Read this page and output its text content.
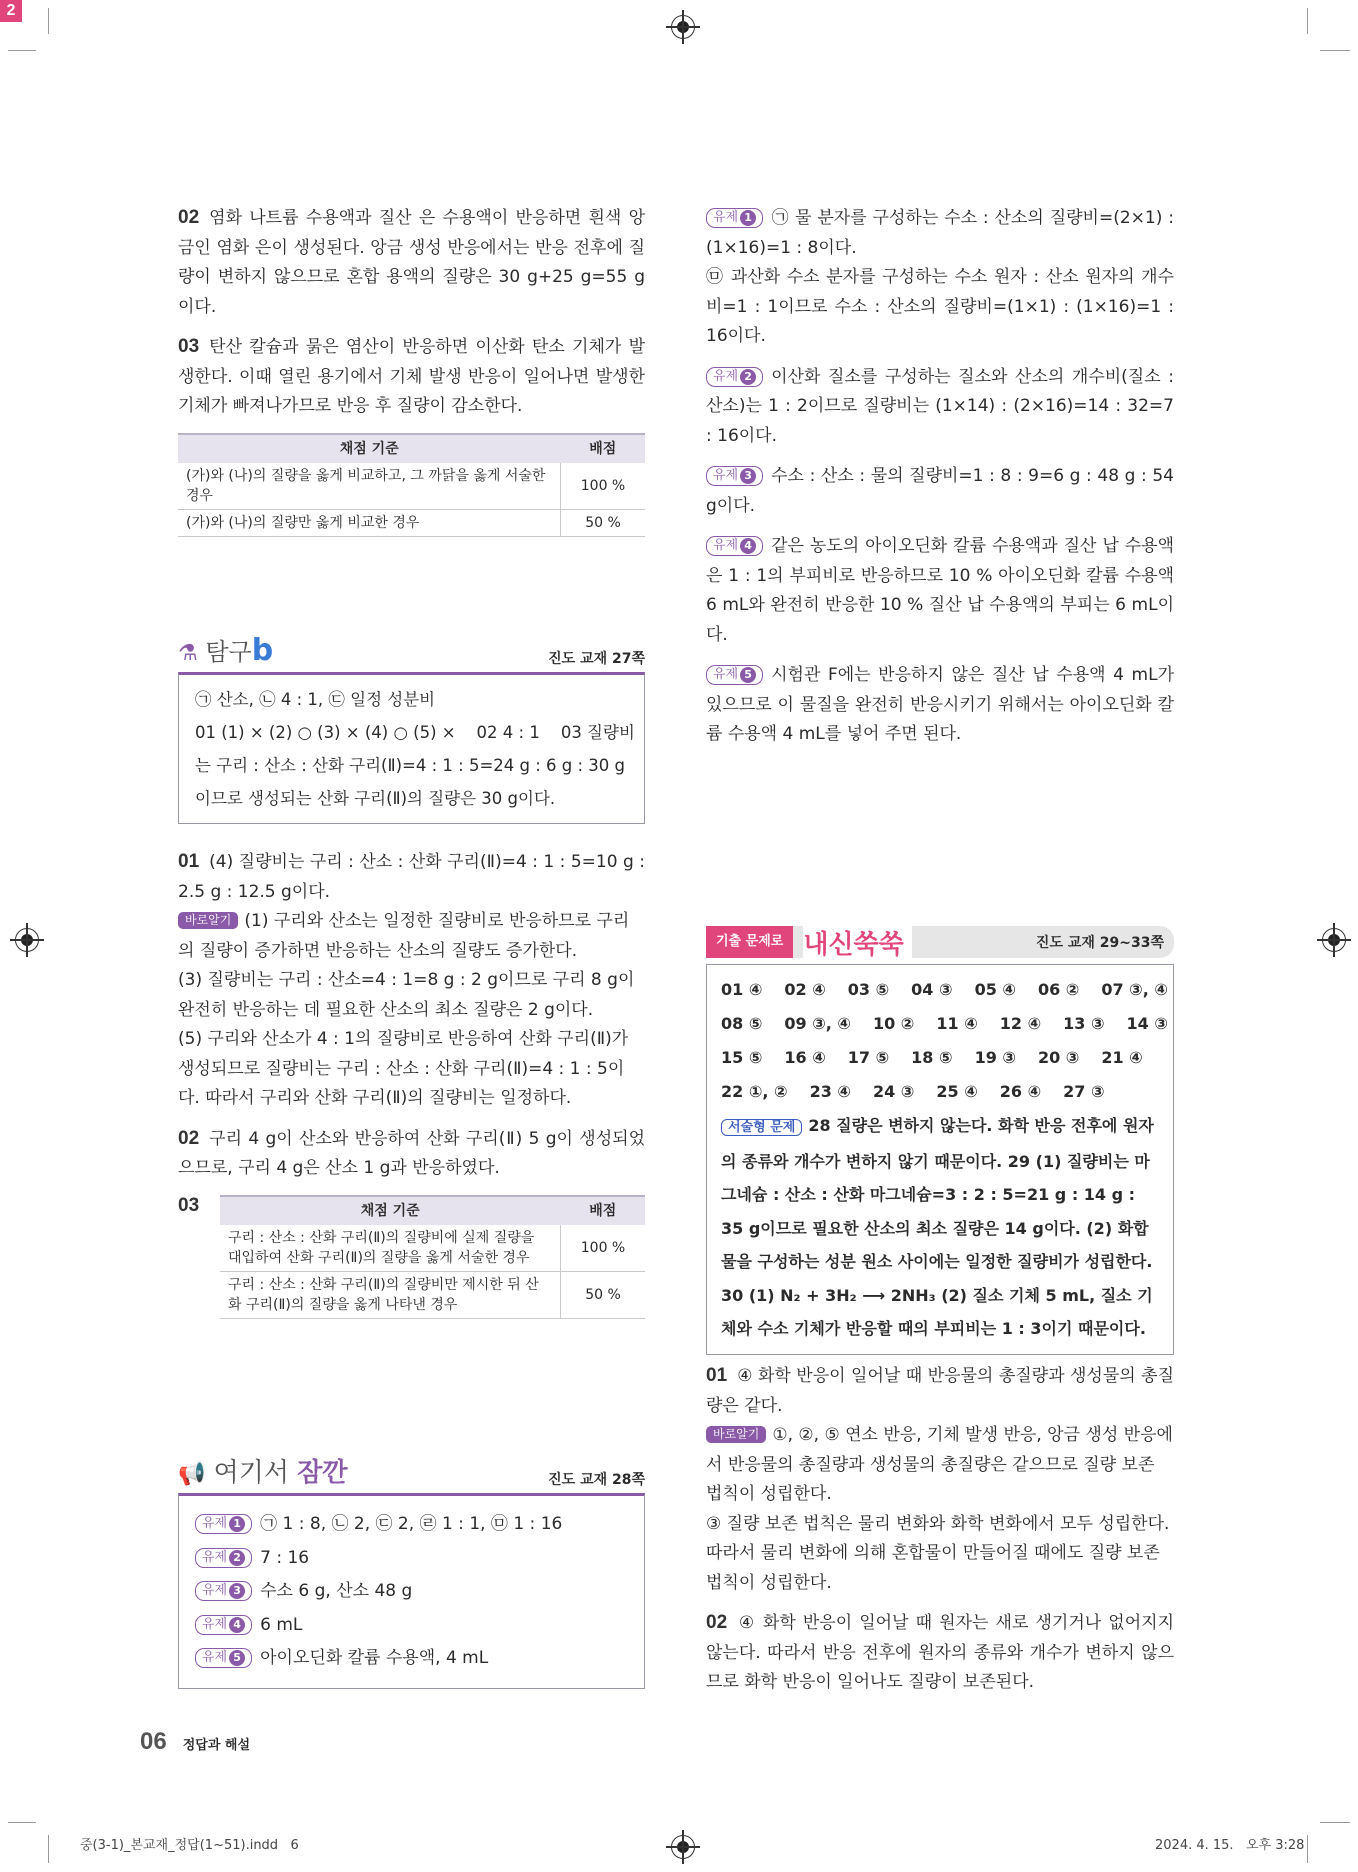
2

02 염화 나트륨 수용액과 질산 은 수용액이 반응하면 흰색 앙금인 염화 은이 생성된다. 앙금 생성 반응에서는 반응 전후에 질량이 변하지 않으므로 혼합 용액의 질량은 30 g+25 g=55 g이다.

03 탄산 칼슘과 묽은 염산이 반응하면 이산화 탄소 기체가 발생한다. 이때 열린 용기에서 기체 발생 반응이 일어나면 발생한 기체가 빠져나가므로 반응 후 질량이 감소한다.

채점 기준	배점
(가)와 (나)의 질량을 옳게 비교하고, 그 까닭을 옳게 서술한 경우	100 %
(가)와 (나)의 질량만 옳게 비교한 경우	50 %
⚗ 탐구b	진도 교재 27쪽
㉠ 산소, ㉡ 4 : 1, ㉢ 일정 성분비
01 (1) × (2) ○ (3) × (4) ○ (5) ×    02 4 : 1    03 질량비
는 구리 : 산소 : 산화 구리(Ⅱ)=4 : 1 : 5=24 g : 6 g : 30 g
이므로 생성되는 산화 구리(Ⅱ)의 질량은 30 g이다.

01 (4) 질량비는 구리 : 산소 : 산화 구리(Ⅱ)=4 : 1 : 5=10 g : 2.5 g : 12.5 g이다.

바로알기 (1) 구리와 산소는 일정한 질량비로 반응하므로 구리의 질량이 증가하면 반응하는 산소의 질량도 증가한다.
(3) 질량비는 구리 : 산소=4 : 1=8 g : 2 g이므로 구리 8 g이 완전히 반응하는 데 필요한 산소의 최소 질량은 2 g이다.
(5) 구리와 산소가 4 : 1의 질량비로 반응하여 산화 구리(Ⅱ)가 생성되므로 질량비는 구리 : 산소 : 산화 구리(Ⅱ)=4 : 1 : 5이다. 따라서 구리와 산화 구리(Ⅱ)의 질량비는 일정하다.

02 구리 4 g이 산소와 반응하여 산화 구리(Ⅱ) 5 g이 생성되었으므로, 구리 4 g은 산소 1 g과 반응하였다.

03	채점 기준	배점
구리 : 산소 : 산화 구리(Ⅱ)의 질량비에 실제 질량을 대입하여 산화 구리(Ⅱ)의 질량을 옳게 서술한 경우	100 %
구리 : 산소 : 산화 구리(Ⅱ)의 질량비만 제시한 뒤 산화 구리(Ⅱ)의 질량을 옳게 나타낸 경우	50 %
📢 여기서 잠깐	진도 교재 28쪽
유제 1 ㉠ 1 : 8, ㉡ 2, ㉢ 2, ㉣ 1 : 1, ㉤ 1 : 16
유제 2 7 : 16
유제 3 수소 6 g, 산소 48 g
유제 4 6 mL
유제 5 아이오딘화 칼륨 수용액, 4 mL

유제 1 ㉠ 물 분자를 구성하는 수소 : 산소의 질량비=(2×1) : (1×16)=1 : 8이다.

㉤ 과산화 수소 분자를 구성하는 수소 원자 : 산소 원자의 개수비=1 : 1이므로 수소 : 산소의 질량비=(1×1) : (1×16)=1 : 16이다.

유제 2 이산화 질소를 구성하는 질소와 산소의 개수비(질소 : 산소)는 1 : 2이므로 질량비는 (1×14) : (2×16)=14 : 32=7 : 16이다.

유제 3 수소 : 산소 : 물의 질량비=1 : 8 : 9=6 g : 48 g : 54 g이다.

유제 4 같은 농도의 아이오딘화 칼륨 수용액과 질산 납 수용액은 1 : 1의 부피비로 반응하므로 10 % 아이오딘화 칼륨 수용액 6 mL와 완전히 반응한 10 % 질산 납 수용액의 부피는 6 mL이다.

유제 5 시험관 F에는 반응하지 않은 질산 납 수용액 4 mL가 있으므로 이 물질을 완전히 반응시키기 위해서는 아이오딘화 칼륨 수용액 4 mL를 넣어 주면 된다.

기출 문제로 내신쑥쑥	진도 교재 29~33쪽
01 ④ 02 ④ 03 ⑤ 04 ③ 05 ④ 06 ② 07 ③, ④
08 ⑤ 09 ③, ④ 10 ② 11 ④ 12 ④ 13 ③ 14 ③
15 ⑤ 16 ④ 17 ⑤ 18 ⑤ 19 ③ 20 ③ 21 ④
22 ①, ② 23 ④ 24 ③ 25 ④ 26 ④ 27 ③
서술형 문제 28 질량은 변하지 않는다. 화학 반응 전후에 원자의 종류와 개수가 변하지 않기 때문이다. 29 (1) 질량비는 마그네슘 : 산소 : 산화 마그네슘=3 : 2 : 5=21 g : 14 g : 35 g이므로 필요한 산소의 최소 질량은 14 g이다. (2) 화합물을 구성하는 성분 원소 사이에는 일정한 질량비가 성립한다.
30 (1) N₂ + 3H₂ ⟶ 2NH₃ (2) 질소 기체 5 mL, 질소 기체와 수소 기체가 반응할 때의 부피비는 1 : 3이기 때문이다.

01 ④ 화학 반응이 일어날 때 반응물의 총질량과 생성물의 총질량은 같다.

바로알기 ①, ②, ⑤ 연소 반응, 기체 발생 반응, 앙금 생성 반응에서 반응물의 총질량과 생성물의 총질량은 같으므로 질량 보존 법칙이 성립한다.
③ 질량 보존 법칙은 물리 변화와 화학 변화에서 모두 성립한다. 따라서 물리 변화에 의해 혼합물이 만들어질 때에도 질량 보존 법칙이 성립한다.

02 ④ 화학 반응이 일어날 때 원자는 새로 생기거나 없어지지 않는다. 따라서 반응 전후에 원자의 종류와 개수가 변하지 않으므로 화학 반응이 일어나도 질량이 보존된다.

06 정답과 해설
중(3-1)_본교재_정답(1~51).indd   6	2024. 4. 15.   오후 3:28
